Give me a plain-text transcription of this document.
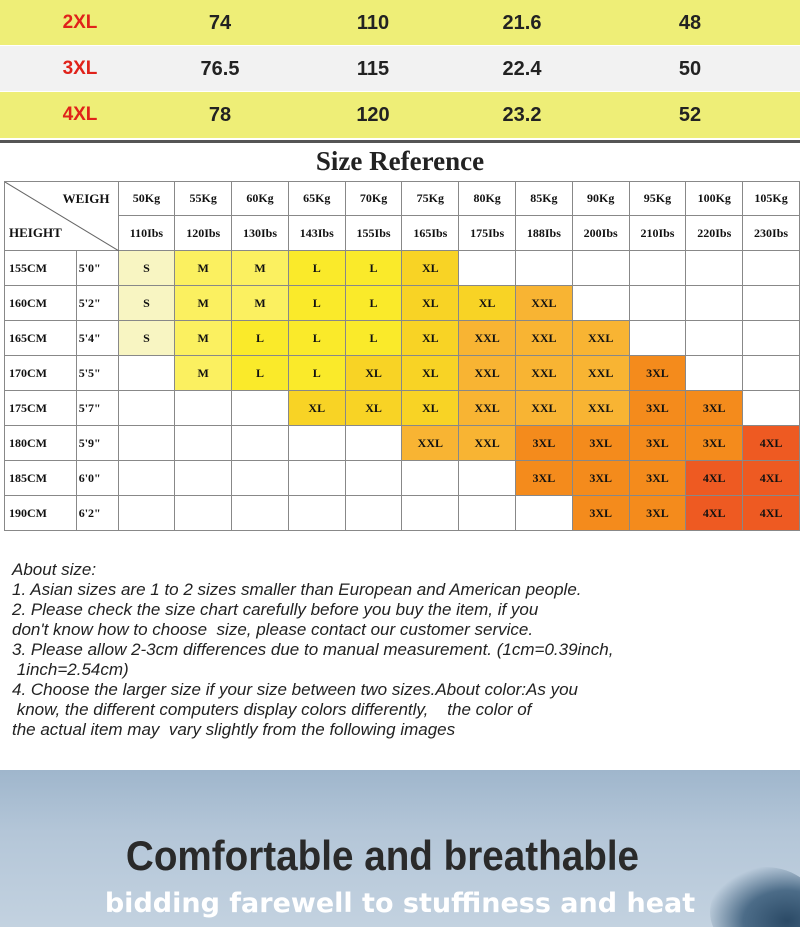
2XL	74	110	21.6	48
3XL	76.5	115	22.4	50
4XL	78	120	23.2	52
Size Reference
WEIGH
HEIGHT		50Kg	55Kg	60Kg	65Kg	70Kg	75Kg	80Kg	85Kg	90Kg	95Kg	100Kg	105Kg
		110Ibs	120Ibs	130Ibs	143Ibs	155Ibs	165Ibs	175Ibs	188Ibs	200Ibs	210Ibs	220Ibs	230Ibs
155CM	5'0"	S	M	M	L	L	XL						
160CM	5'2"	S	M	M	L	L	XL	XL	XXL				
165CM	5'4"	S	M	L	L	L	XL	XXL	XXL	XXL			
170CM	5'5"		M	L	L	XL	XL	XXL	XXL	XXL	3XL		
175CM	5'7"				XL	XL	XL	XXL	XXL	XXL	3XL	3XL	
180CM	5'9"						XXL	XXL	3XL	3XL	3XL	3XL	4XL
185CM	6'0"								3XL	3XL	3XL	4XL	4XL
190CM	6'2"									3XL	3XL	4XL	4XL
About size:
1. Asian sizes are 1 to 2 sizes smaller than European and American people.
2. Please check the size chart carefully before you buy the item, if you
don't know how to choose  size, please contact our customer service.
3. Please allow 2-3cm differences due to manual measurement. (1cm=0.39inch,
1inch=2.54cm)
4. Choose the larger size if your size between two sizes.About color:As you
know, the different computers display colors differently,    the color of
the actual item may  vary slightly from the following images
Comfortable and breathable
bidding farewell to stuffiness and heat
